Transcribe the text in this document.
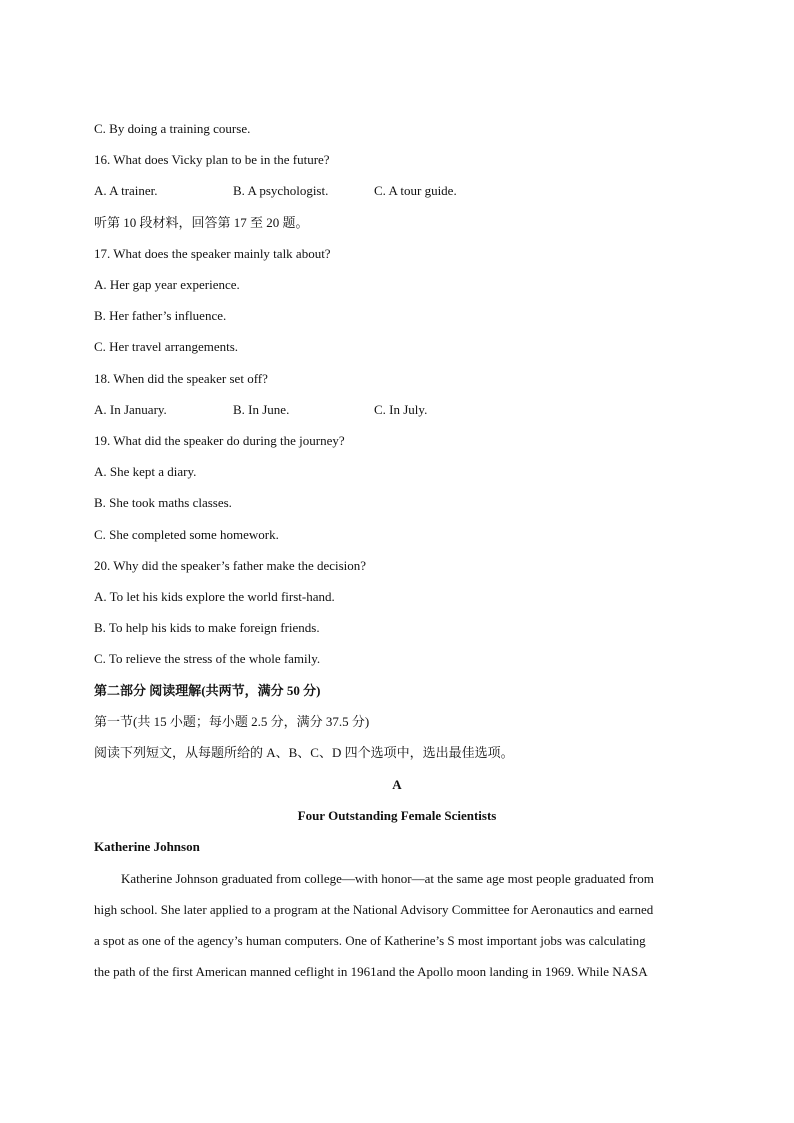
C. By doing a training course.
16. What does Vicky plan to be in the future?
A. A trainer.	B. A psychologist.	C. A tour guide.
听第 10 段材料，回答第 17 至 20 题。
17. What does the speaker mainly talk about?
A. Her gap year experience.
B. Her father’s influence.
C. Her travel arrangements.
18. When did the speaker set off?
A. In January.	B. In June.	C. In July.
19. What did the speaker do during the journey?
A. She kept a diary.
B. She took maths classes.
C. She completed some homework.
20. Why did the speaker’s father make the decision?
A. To let his kids explore the world first-hand.
B. To help his kids to make foreign friends.
C. To relieve the stress of the whole family.
第二部分 阅读理解(共两节，满分 50 分)
第一节(共 15 小题；每小题 2.5 分，满分 37.5 分)
阅读下列短文，从每题所给的 A、B、C、D 四个选项中，选出最佳选项。
A
Four Outstanding Female Scientists
Katherine Johnson
Katherine Johnson graduated from college—with honor—at the same age most people graduated from
high school. She later applied to a program at the National Advisory Committee for Aeronautics and earned
a spot as one of the agency’s human computers. One of Katherine’s S most important jobs was calculating
the path of the first American manned ceflight in 1961and the Apollo moon landing in 1969. While NASA
